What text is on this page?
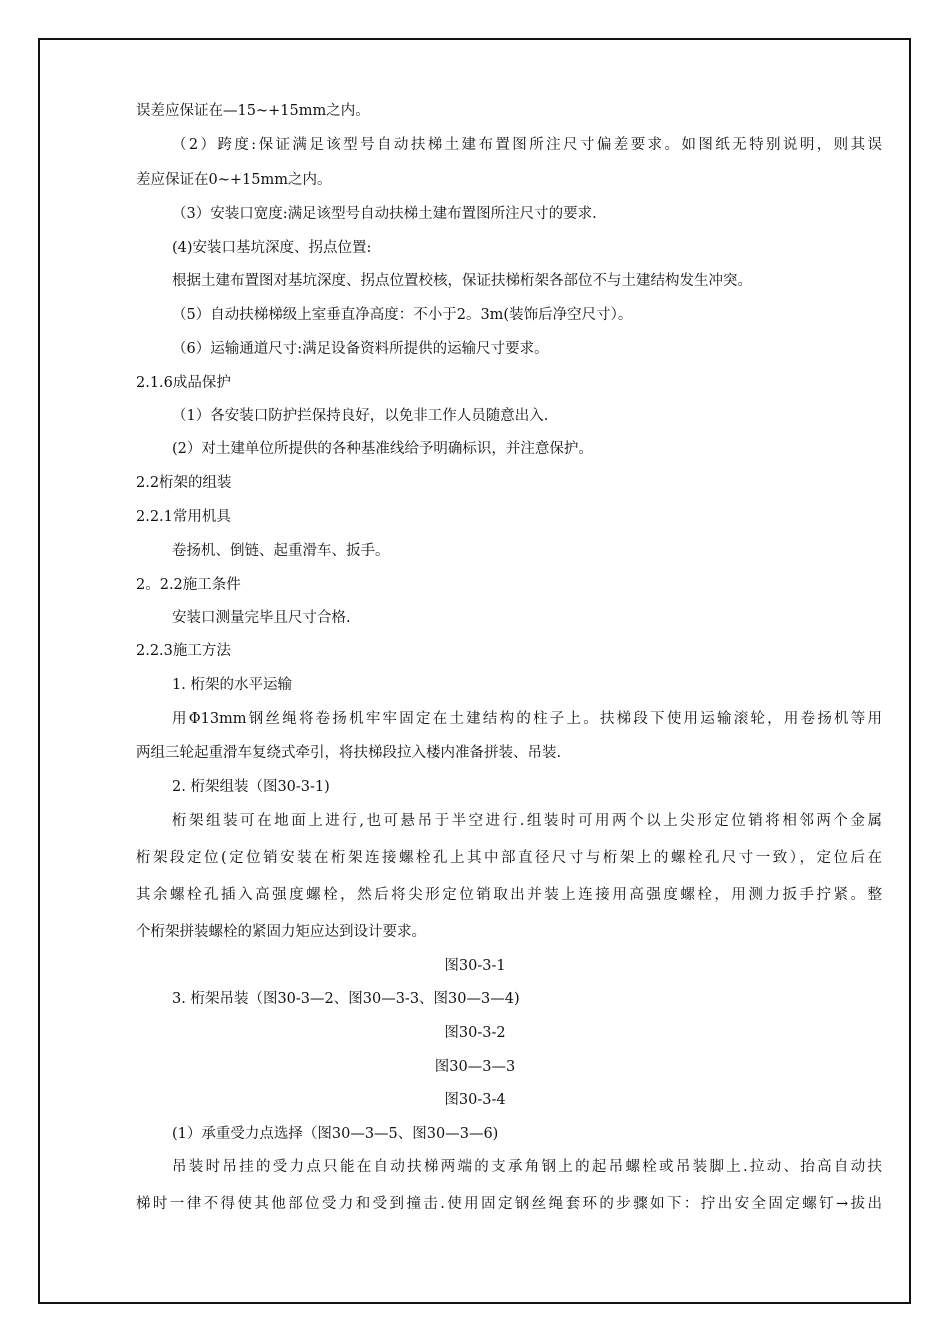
误差应保证在—15~+15mm之内。
（2）跨度:保证满足该型号自动扶梯土建布置图所注尺寸偏差要求。如图纸无特别说明，则其误
差应保证在0~+15mm之内。
（3）安装口宽度:满足该型号自动扶梯土建布置图所注尺寸的要求.
(4)安装口基坑深度、拐点位置:
根据土建布置图对基坑深度、拐点位置校核，保证扶梯桁架各部位不与土建结构发生冲突。
（5）自动扶梯梯级上室垂直净高度：不小于2。3m(装饰后净空尺寸）。
（6）运输通道尺寸:满足设备资料所提供的运输尺寸要求。
2.1.6成品保护
（1）各安装口防护拦保持良好，以免非工作人员随意出入.
(2）对土建单位所提供的各种基准线给予明确标识，并注意保护。
2.2桁架的组装
2.2.1常用机具
卷扬机、倒链、起重滑车、扳手。
2。2.2施工条件
安装口测量完毕且尺寸合格.
2.2.3施工方法
1. 桁架的水平运输
用Φ13mm钢丝绳将卷扬机牢牢固定在土建结构的柱子上。扶梯段下使用运输滚轮，用卷扬机等用
两组三轮起重滑车复绕式牵引，将扶梯段拉入楼内准备拼装、吊装.
2. 桁架组装（图30-3-1)
桁架组装可在地面上进行,也可悬吊于半空进行.组装时可用两个以上尖形定位销将相邻两个金属
桁架段定位(定位销安装在桁架连接螺栓孔上其中部直径尺寸与桁架上的螺栓孔尺寸一致），定位后在
其余螺栓孔插入高强度螺栓，然后将尖形定位销取出并装上连接用高强度螺栓，用测力扳手拧紧。整
个桁架拼装螺栓的紧固力矩应达到设计要求。
图30-3-1
3. 桁架吊装（图30-3—2、图30—3-3、图30—3—4)
图30-3-2
图30—3—3
图30-3-4
(1）承重受力点选择（图30—3—5、图30—3—6)
吊装时吊挂的受力点只能在自动扶梯两端的支承角钢上的起吊螺栓或吊装脚上.拉动、抬高自动扶
梯时一律不得使其他部位受力和受到撞击.使用固定钢丝绳套环的步骤如下：拧出安全固定螺钉→拔出
